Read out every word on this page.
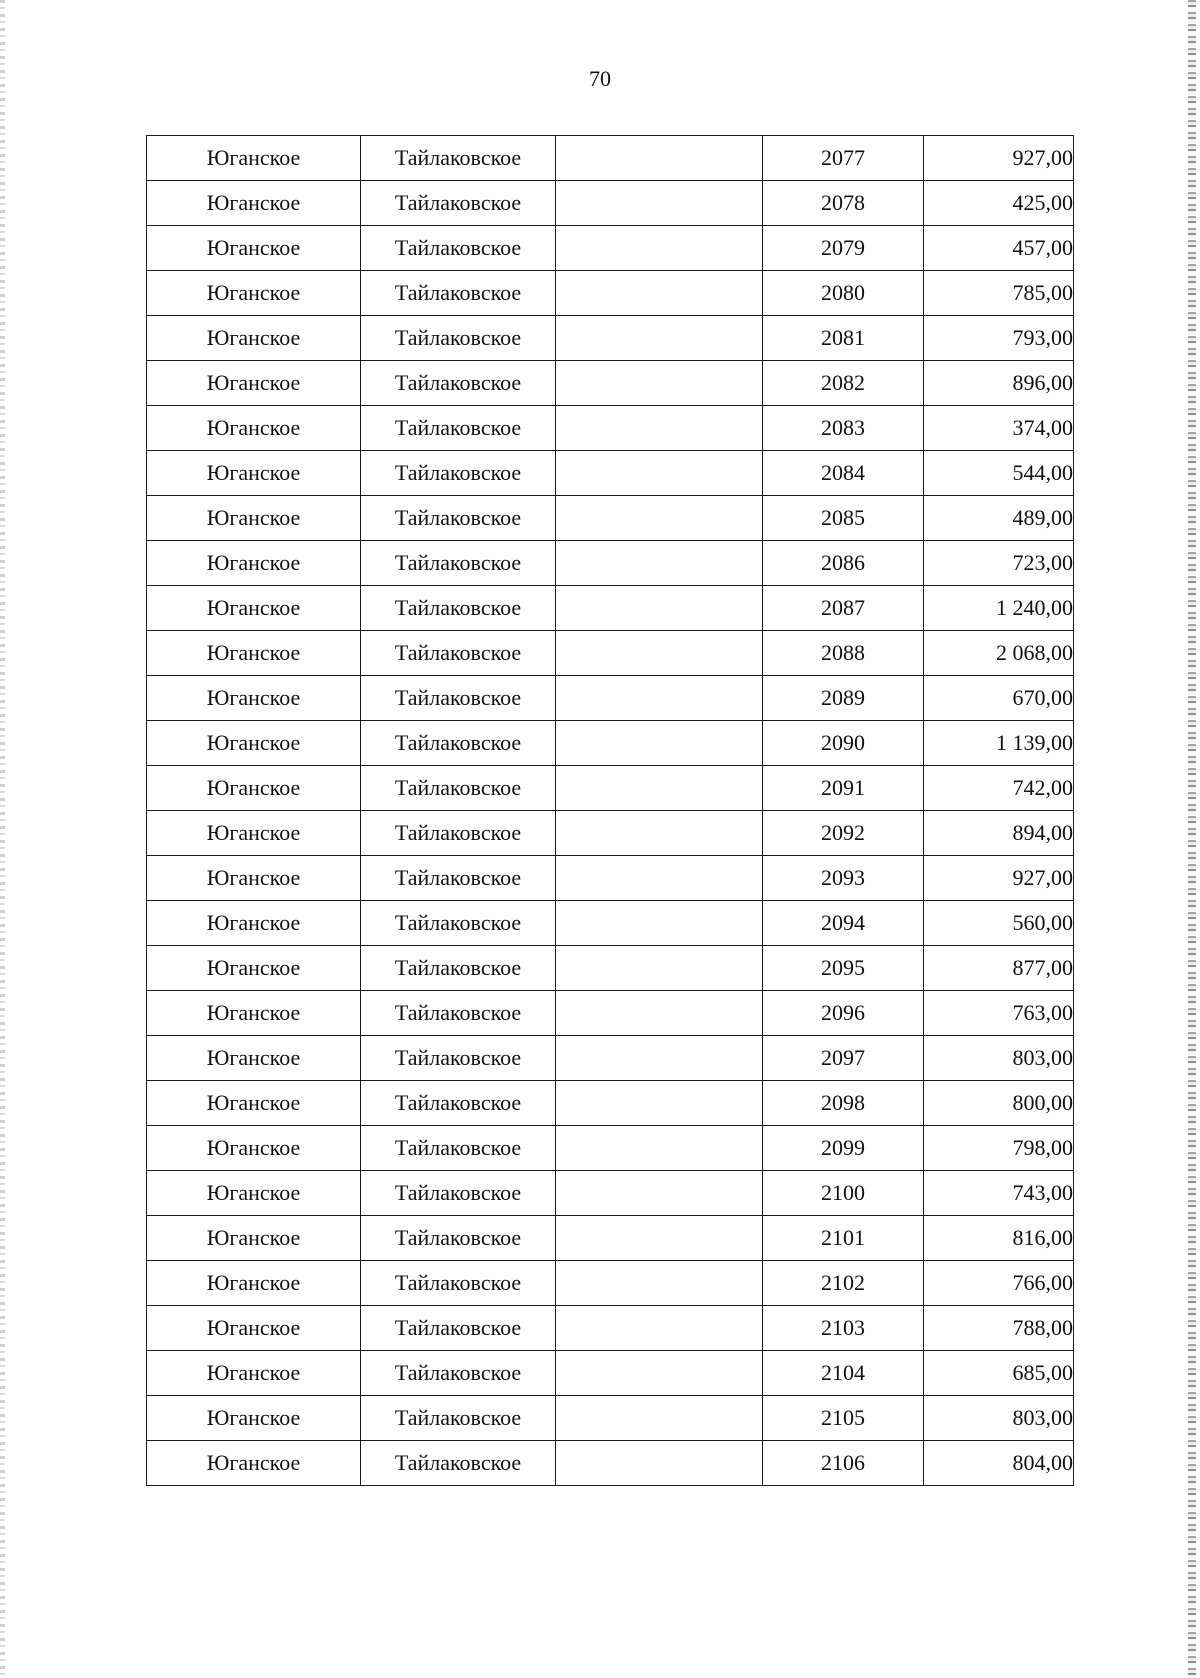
70
Юганское	Тайлаковское		2077	927,00
Юганское	Тайлаковское		2078	425,00
Юганское	Тайлаковское		2079	457,00
Юганское	Тайлаковское		2080	785,00
Юганское	Тайлаковское		2081	793,00
Юганское	Тайлаковское		2082	896,00
Юганское	Тайлаковское		2083	374,00
Юганское	Тайлаковское		2084	544,00
Юганское	Тайлаковское		2085	489,00
Юганское	Тайлаковское		2086	723,00
Юганское	Тайлаковское		2087	1 240,00
Юганское	Тайлаковское		2088	2 068,00
Юганское	Тайлаковское		2089	670,00
Юганское	Тайлаковское		2090	1 139,00
Юганское	Тайлаковское		2091	742,00
Юганское	Тайлаковское		2092	894,00
Юганское	Тайлаковское		2093	927,00
Юганское	Тайлаковское		2094	560,00
Юганское	Тайлаковское		2095	877,00
Юганское	Тайлаковское		2096	763,00
Юганское	Тайлаковское		2097	803,00
Юганское	Тайлаковское		2098	800,00
Юганское	Тайлаковское		2099	798,00
Юганское	Тайлаковское		2100	743,00
Юганское	Тайлаковское		2101	816,00
Юганское	Тайлаковское		2102	766,00
Юганское	Тайлаковское		2103	788,00
Юганское	Тайлаковское		2104	685,00
Юганское	Тайлаковское		2105	803,00
Юганское	Тайлаковское		2106	804,00
